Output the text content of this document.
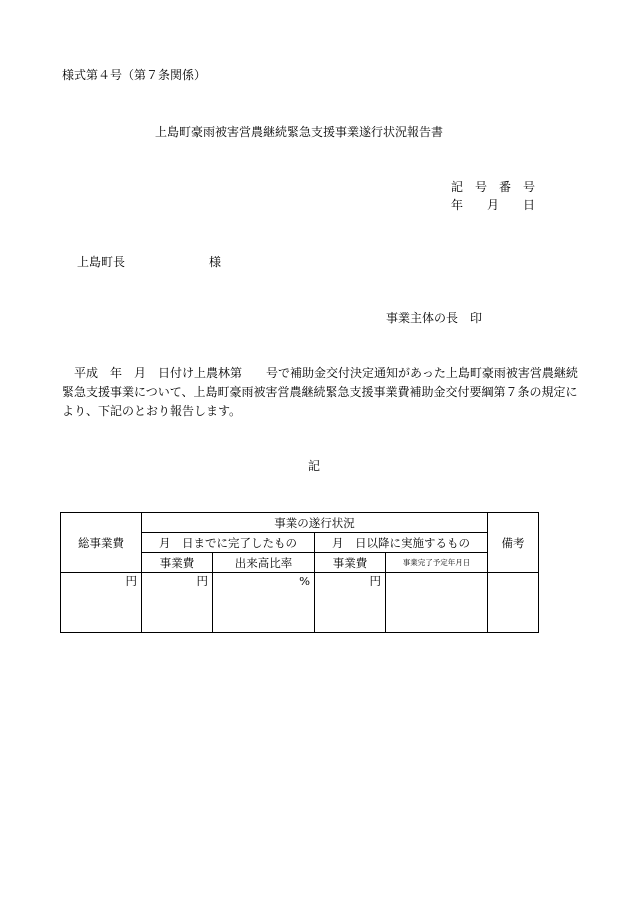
様式第４号（第７条関係）
上島町豪雨被害営農継続緊急支援事業遂行状況報告書
記　号　番　号
年　　月　　日
上島町長　　　　　　　様
事業主体の長　印
平成　年　月　日付け上農林第　　号で補助金交付決定通知があった上島町豪雨被害営農継続緊急支援事業について、上島町豪雨被害営農継続緊急支援事業費補助金交付要綱第７条の規定により、下記のとおり報告します。
記
総事業費	事業の遂行状況				備考
	月　日までに完了したもの		月　日以降に実施するもの		
	事業費	出来高比率	事業費	事業完了予定年月日	
円	円	%	円		
